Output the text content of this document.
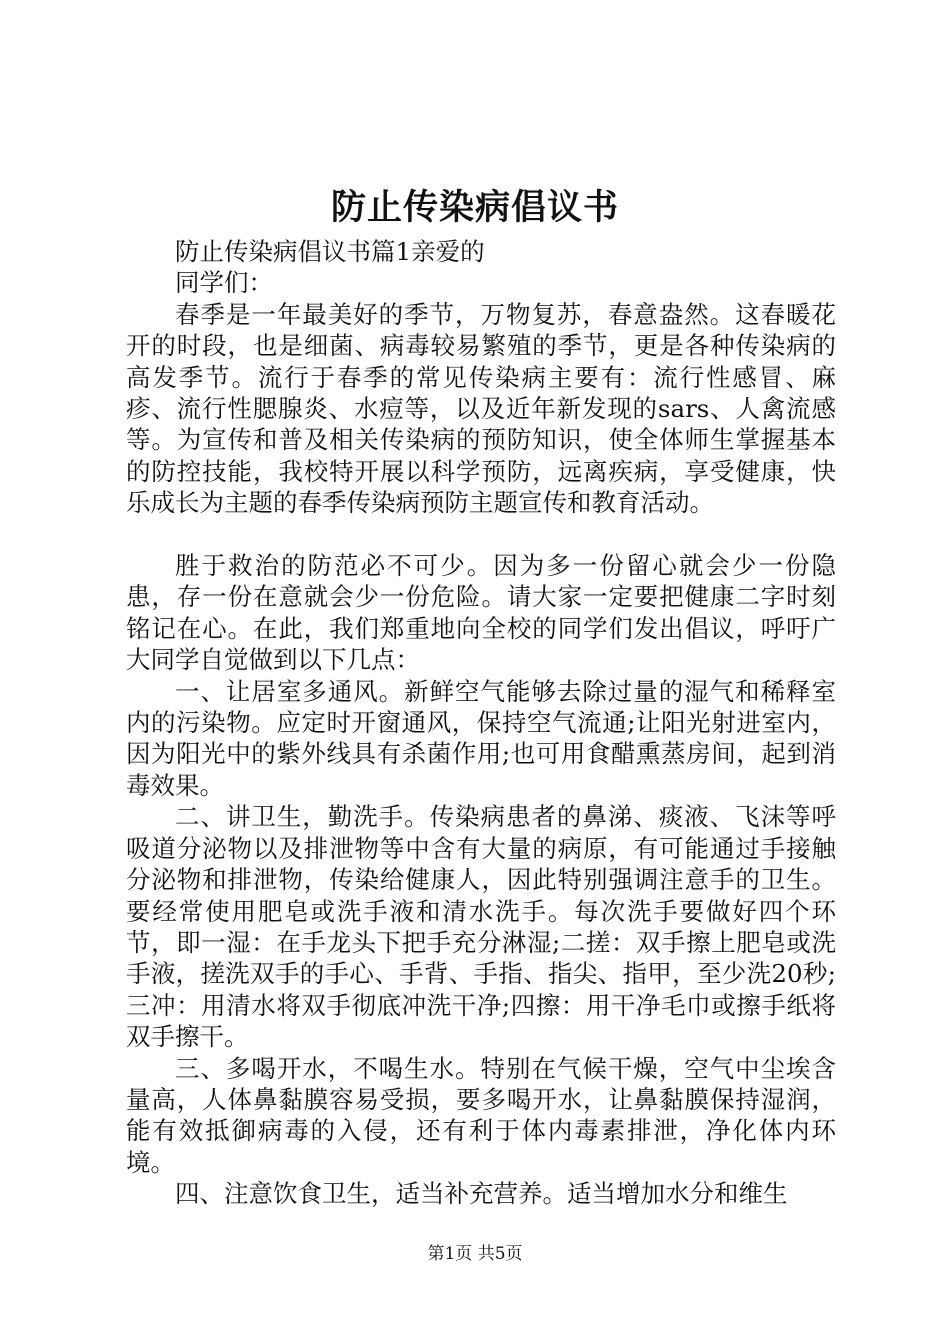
防止传染病倡议书

防止传染病倡议书篇1亲爱的

同学们：

春季是一年最美好的季节，万物复苏，春意盎然。这春暖花开的时段，也是细菌、病毒较易繁殖的季节，更是各种传染病的高发季节。流行于春季的常见传染病主要有：流行性感冒、麻疹、流行性腮腺炎、水痘等，以及近年新发现的sars、人禽流感等。为宣传和普及相关传染病的预防知识，使全体师生掌握基本的防控技能，我校特开展以科学预防，远离疾病，享受健康，快乐成长为主题的春季传染病预防主题宣传和教育活动。

胜于救治的防范必不可少。因为多一份留心就会少一份隐患，存一份在意就会少一份危险。请大家一定要把健康二字时刻铭记在心。在此，我们郑重地向全校的同学们发出倡议，呼吁广大同学自觉做到以下几点：

一、让居室多通风。新鲜空气能够去除过量的湿气和稀释室内的污染物。应定时开窗通风，保持空气流通;让阳光射进室内，因为阳光中的紫外线具有杀菌作用;也可用食醋熏蒸房间，起到消毒效果。

二、讲卫生，勤洗手。传染病患者的鼻涕、痰液、飞沫等呼吸道分泌物以及排泄物等中含有大量的病原，有可能通过手接触分泌物和排泄物，传染给健康人，因此特别强调注意手的卫生。要经常使用肥皂或洗手液和清水洗手。每次洗手要做好四个环节，即一湿：在手龙头下把手充分淋湿;二搓：双手擦上肥皂或洗手液，搓洗双手的手心、手背、手指、指尖、指甲，至少洗20秒;三冲：用清水将双手彻底冲洗干净;四擦：用干净毛巾或擦手纸将双手擦干。

三、多喝开水，不喝生水。特别在气候干燥，空气中尘埃含量高，人体鼻黏膜容易受损，要多喝开水，让鼻黏膜保持湿润，能有效抵御病毒的入侵，还有利于体内毒素排泄，净化体内环境。

四、注意饮食卫生，适当补充营养。适当增加水分和维生

第1页 共5页
